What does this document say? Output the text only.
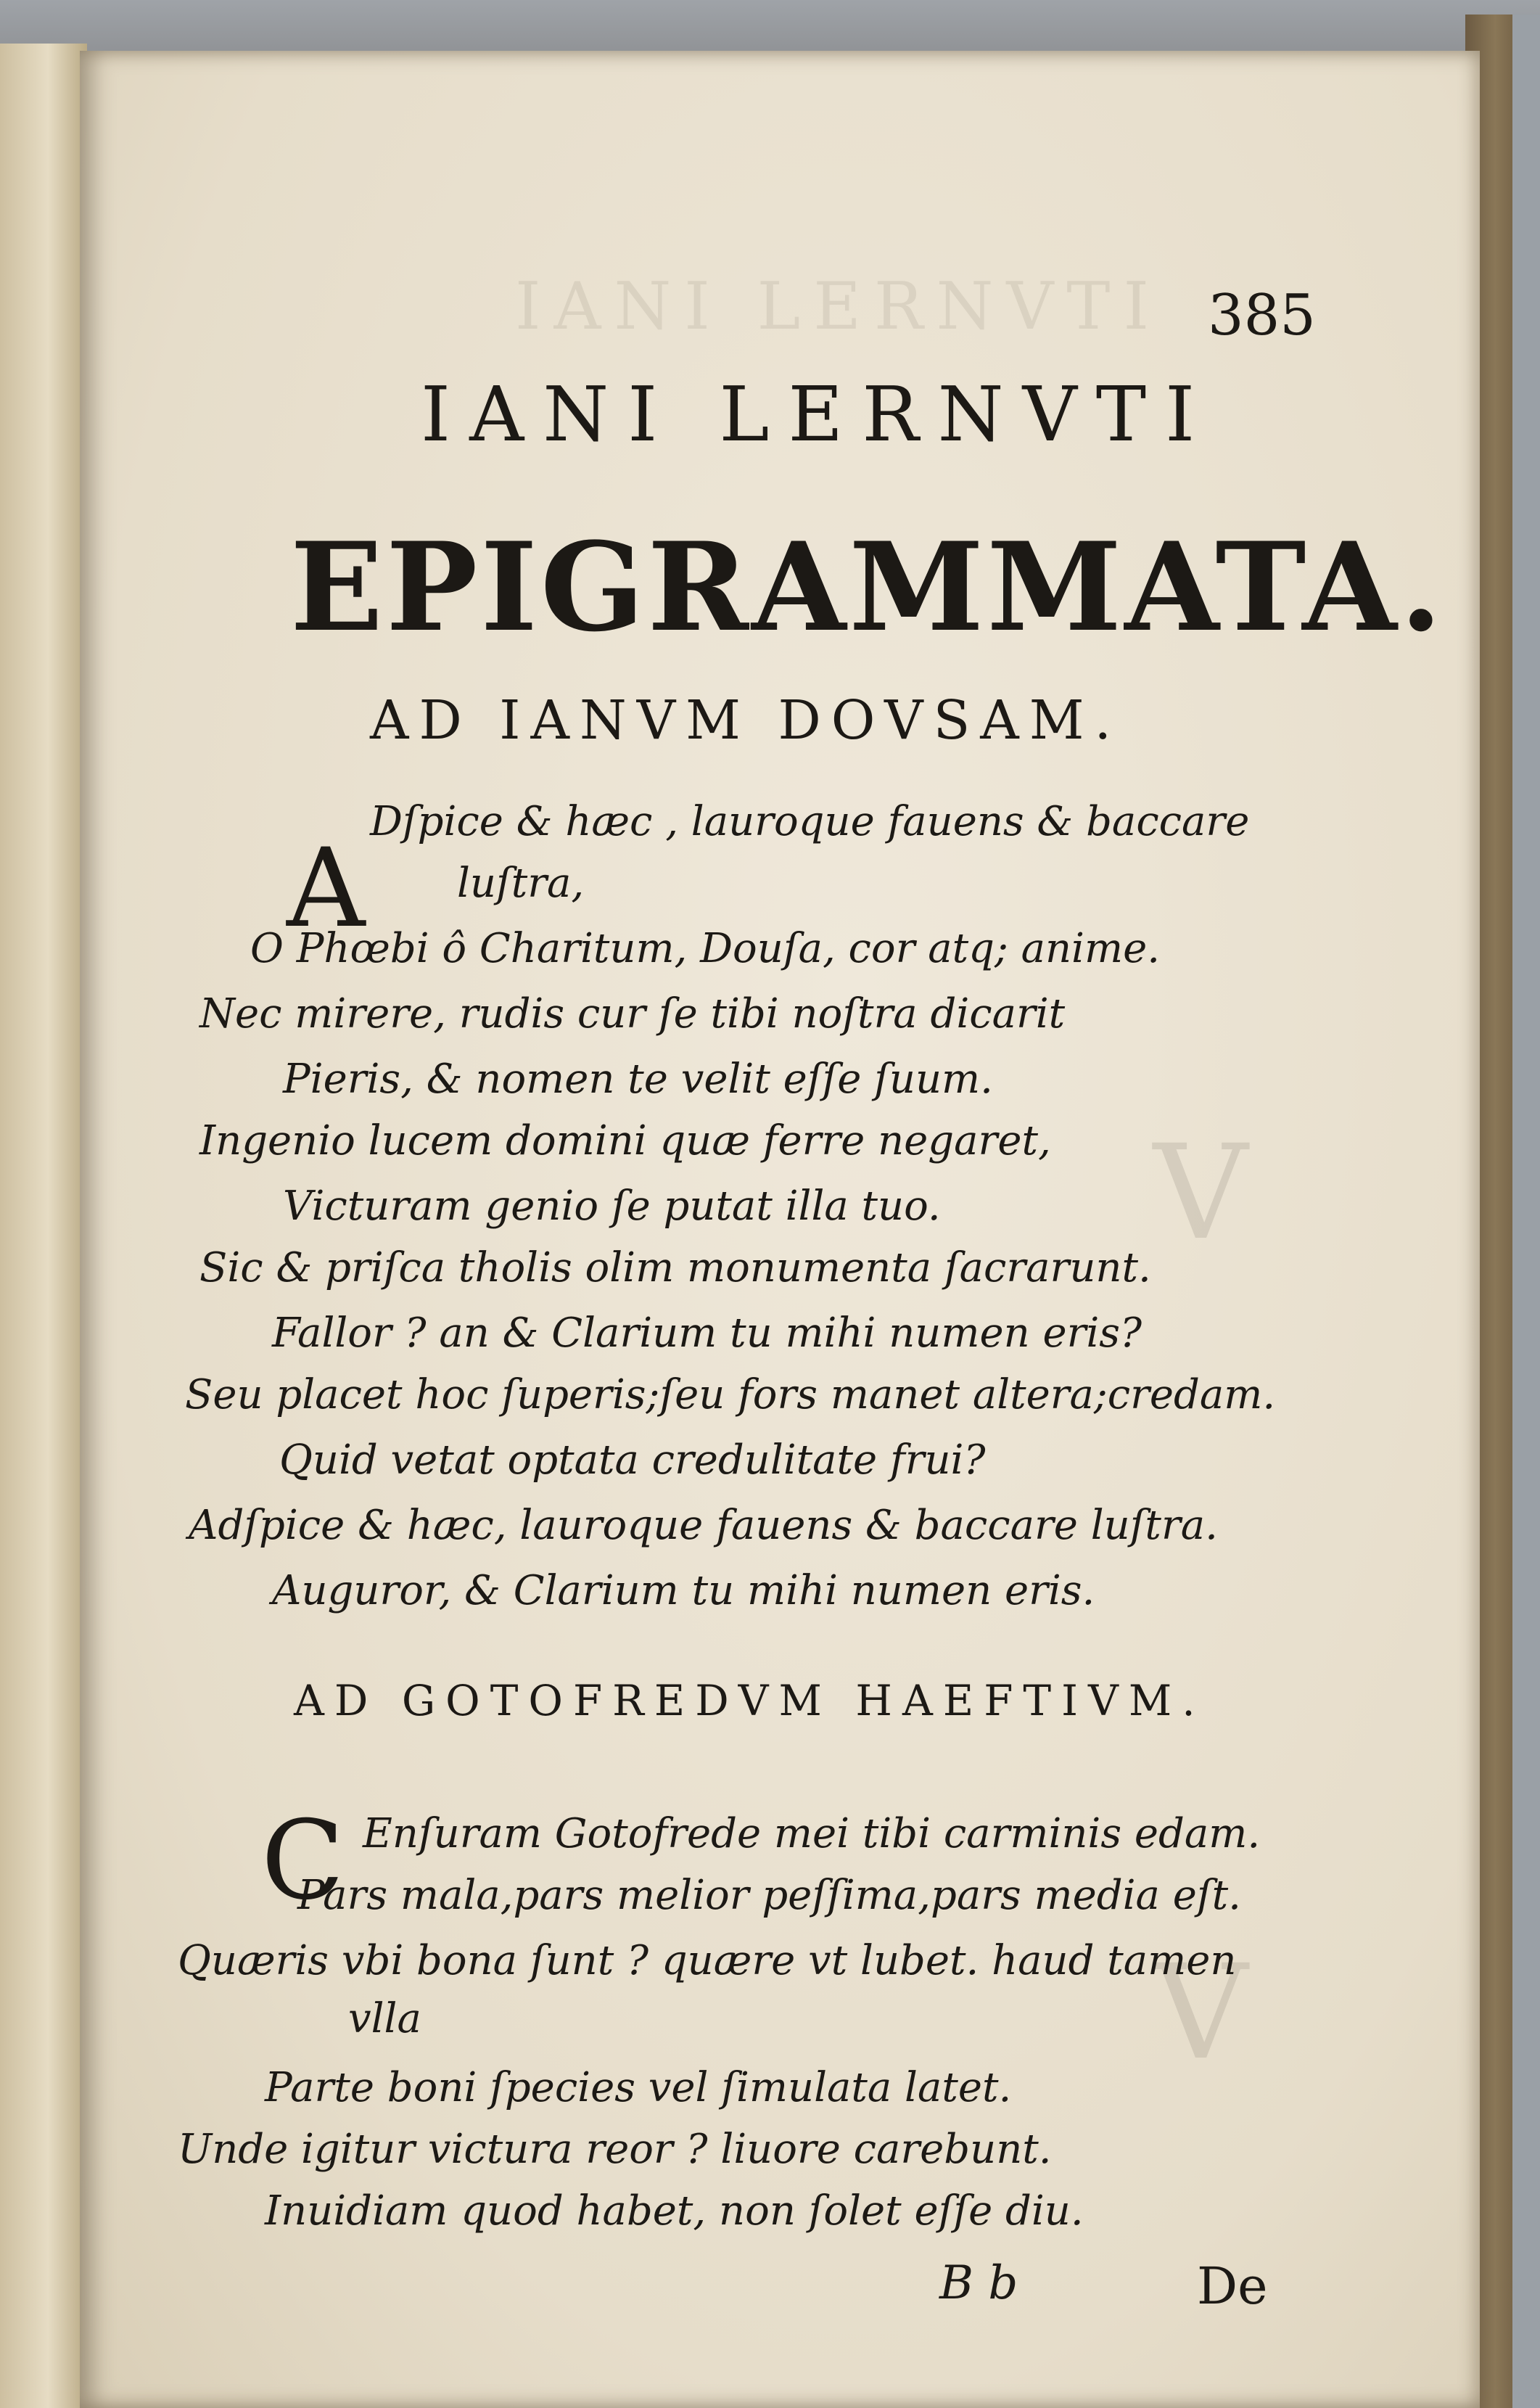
IANI LERNVTI
V
V
385
IANI LERNVTI
EPIGRAMMATA.
AD IANVM DOVSAM.
A
Dſpice & hæc , lauroque fauens & baccare
luſtra,
O Phœbi ô Charitum, Douſa, cor atq; anime.
Nec mirere, rudis cur ſe tibi noſtra dicarit
Pieris, & nomen te velit eſſe ſuum.
Ingenio lucem domini quæ ferre negaret,
Victuram genio ſe putat illa tuo.
Sic & priſca tholis olim monumenta ſacrarunt.
Fallor ? an & Clarium tu mihi numen eris?
Seu placet hoc ſuperis;ſeu fors manet altera;credam.
Quid vetat optata credulitate frui?
Adſpice & hæc, lauroque fauens & baccare luſtra.
Auguror, & Clarium tu mihi numen eris.
AD GOTOFREDVM HAEFTIVM.
C Enſuram Gotofrede mei tibi carminis edam.
Pars mala,pars melior peſſima,pars media eſt.
Quæris vbi bona ſunt ? quære vt lubet. haud tamen
vlla
Parte boni ſpecies vel ſimulata latet.
Unde igitur victura reor ? liuore carebunt.
Inuidiam quod habet, non ſolet eſſe diu.
B b	De
